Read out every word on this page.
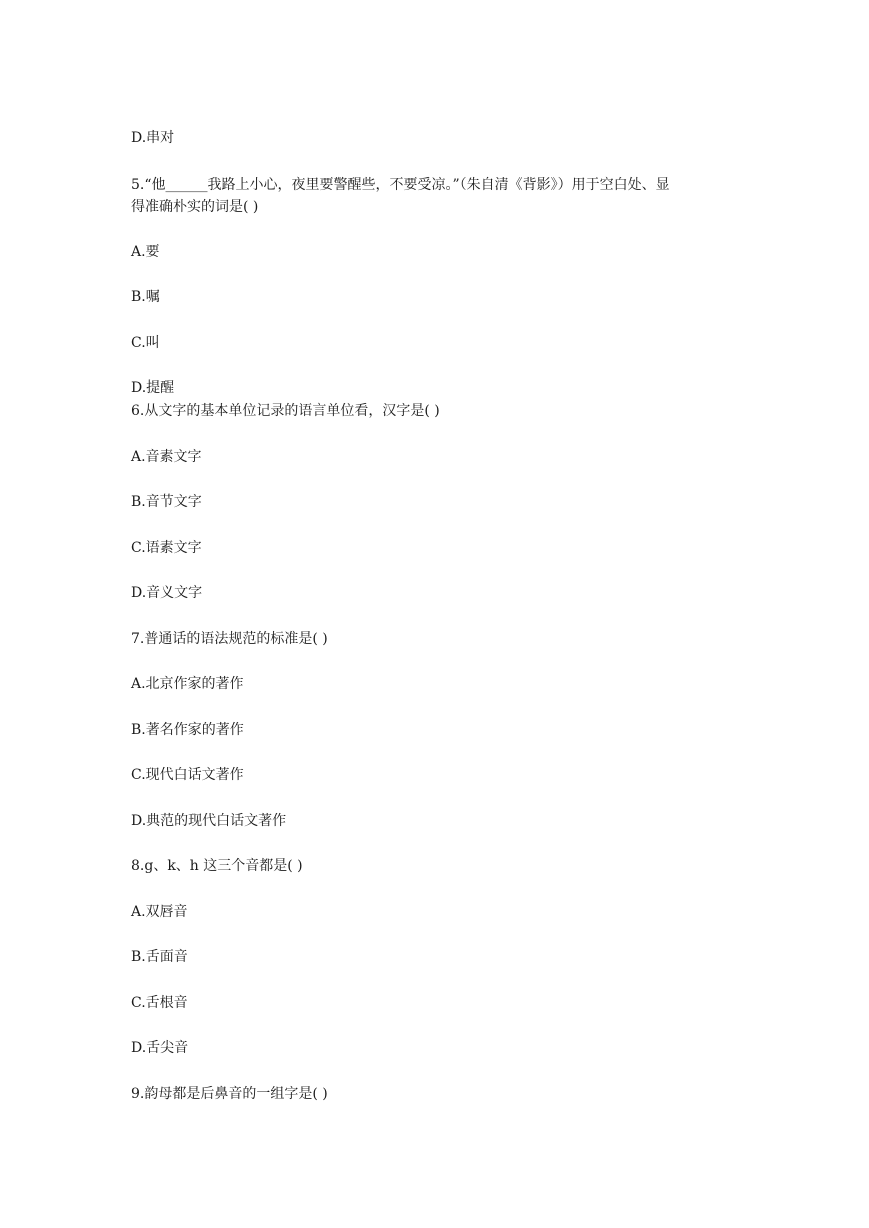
D.串对
5.“他______我路上小心，夜里要警醒些，不要受凉。”（朱自清《背影》）用于空白处、显
得准确朴实的词是( )
A.要
B.嘱
C.叫
D.提醒
6.从文字的基本单位记录的语言单位看，汉字是( )
A.音素文字
B.音节文字
C.语素文字
D.音义文字
7.普通话的语法规范的标准是( )
A.北京作家的著作
B.著名作家的著作
C.现代白话文著作
D.典范的现代白话文著作
8.g、k、h 这三个音都是( )
A.双唇音
B.舌面音
C.舌根音
D.舌尖音
9.韵母都是后鼻音的一组字是( )
